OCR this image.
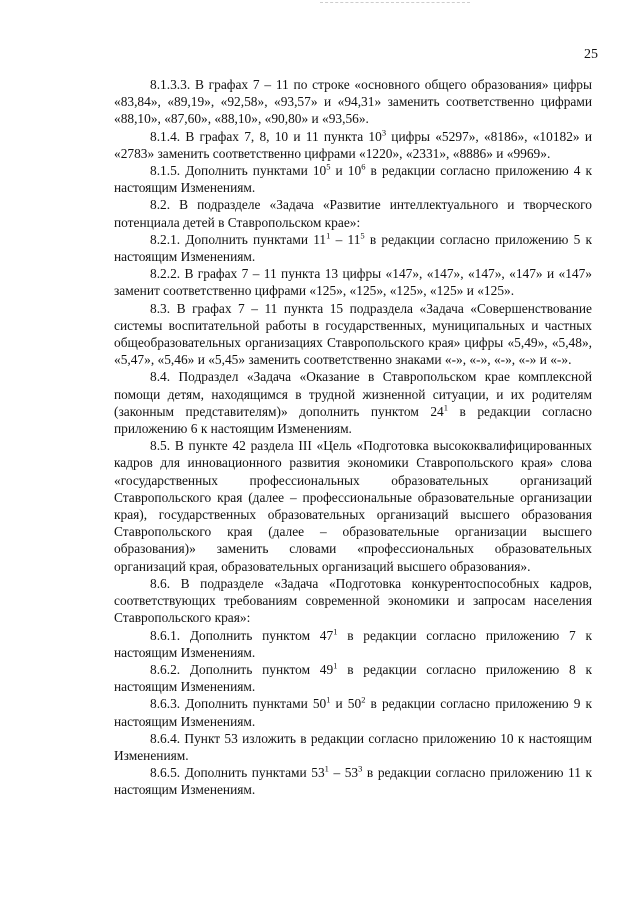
25

8.1.3.3. В графах 7 – 11 по строке «основного общего образования» цифры «83,84», «89,19», «92,58», «93,57» и «94,31» заменить соответственно цифрами «88,10», «87,60», «88,10», «90,80» и «93,56».

8.1.4. В графах 7, 8, 10 и 11 пункта $10^3$ цифры «5297», «8186», «10182» и «2783» заменить соответственно цифрами «1220», «2331», «8886» и «9969».

8.1.5. Дополнить пунктами $10^5$ и $10^6$ в редакции согласно приложению 4 к настоящим Изменениям.

8.2. В подразделе «Задача «Развитие интеллектуального и творческого потенциала детей в Ставропольском крае»:

8.2.1. Дополнить пунктами $11^1 - 11^5$ в редакции согласно приложению 5 к настоящим Изменениям.

8.2.2. В графах 7 – 11 пункта 13 цифры «147», «147», «147», «147» и «147» заменит соответственно цифрами «125», «125», «125», «125» и «125».

8.3. В графах 7 – 11 пункта 15 подраздела «Задача «Совершенствование системы воспитательной работы в государственных, муниципальных и частных общеобразовательных организациях Ставропольского края» цифры «5,49», «5,48», «5,47», «5,46» и «5,45» заменить соответственно знаками «-», «-», «-», «-» и «-».

8.4. Подраздел «Задача «Оказание в Ставропольском крае комплексной помощи детям, находящимся в трудной жизненной ситуации, и их родителям (законным представителям)» дополнить пунктом $24^1$ в редакции согласно приложению 6 к настоящим Изменениям.

8.5. В пункте 42 раздела III «Цель «Подготовка высококвалифицированных кадров для инновационного развития экономики Ставропольского края» слова «государственных профессиональных образовательных организаций Ставропольского края (далее – профессиональные образовательные организации края), государственных образовательных организаций высшего образования Ставропольского края (далее – образовательные организации высшего образования)» заменить словами «профессиональных образовательных организаций края, образовательных организаций высшего образования».

8.6. В подразделе «Задача «Подготовка конкурентоспособных кадров, соответствующих требованиям современной экономики и запросам населения Ставропольского края»:

8.6.1. Дополнить пунктом $47^1$ в редакции согласно приложению 7 к настоящим Изменениям.

8.6.2. Дополнить пунктом $49^1$ в редакции согласно приложению 8 к настоящим Изменениям.

8.6.3. Дополнить пунктами $50^1$ и $50^2$ в редакции согласно приложению 9 к настоящим Изменениям.

8.6.4. Пункт 53 изложить в редакции согласно приложению 10 к настоящим Изменениям.

8.6.5. Дополнить пунктами $53^1 - 53^3$ в редакции согласно приложению 11 к настоящим Изменениям.
